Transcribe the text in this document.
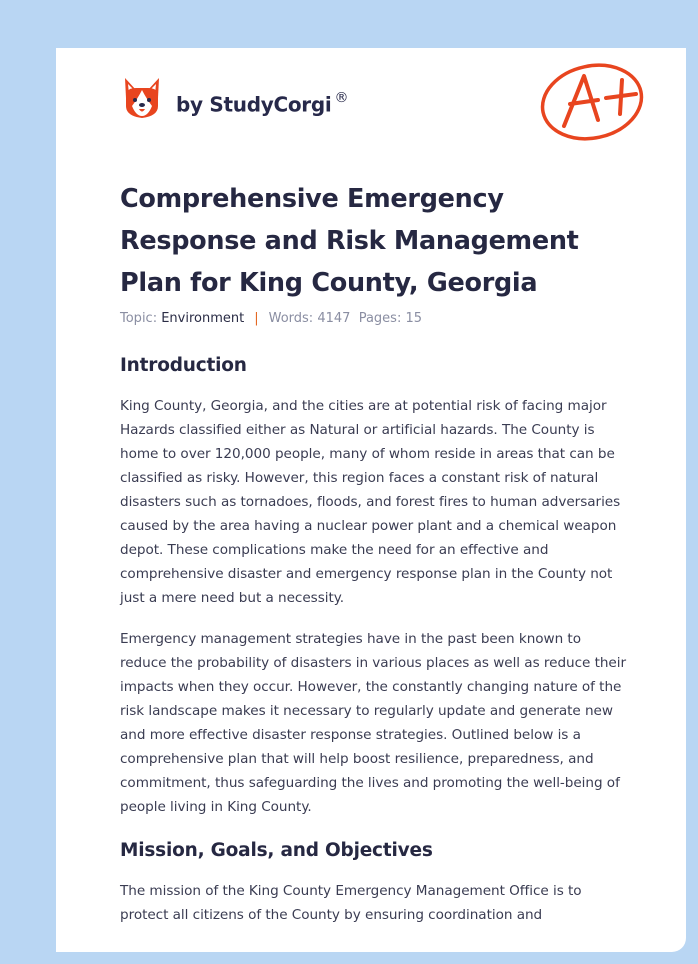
by StudyCorgi ®
Comprehensive Emergency Response and Risk Management Plan for King County, Georgia
Topic: Environment | Words: 4147 Pages: 15
Introduction

King County, Georgia, and the cities are at potential risk of facing major Hazards classified either as Natural or artificial hazards. The County is home to over 120,000 people, many of whom reside in areas that can be classified as risky. However, this region faces a constant risk of natural disasters such as tornadoes, floods, and forest fires to human adversaries caused by the area having a nuclear power plant and a chemical weapon depot. These complications make the need for an effective and comprehensive disaster and emergency response plan in the County not just a mere need but a necessity.

Emergency management strategies have in the past been known to reduce the probability of disasters in various places as well as reduce their impacts when they occur. However, the constantly changing nature of the risk landscape makes it necessary to regularly update and generate new and more effective disaster response strategies. Outlined below is a comprehensive plan that will help boost resilience, preparedness, and commitment, thus safeguarding the lives and promoting the well-being of people living in King County.

Mission, Goals, and Objectives

The mission of the King County Emergency Management Office is to protect all citizens of the County by ensuring coordination and
